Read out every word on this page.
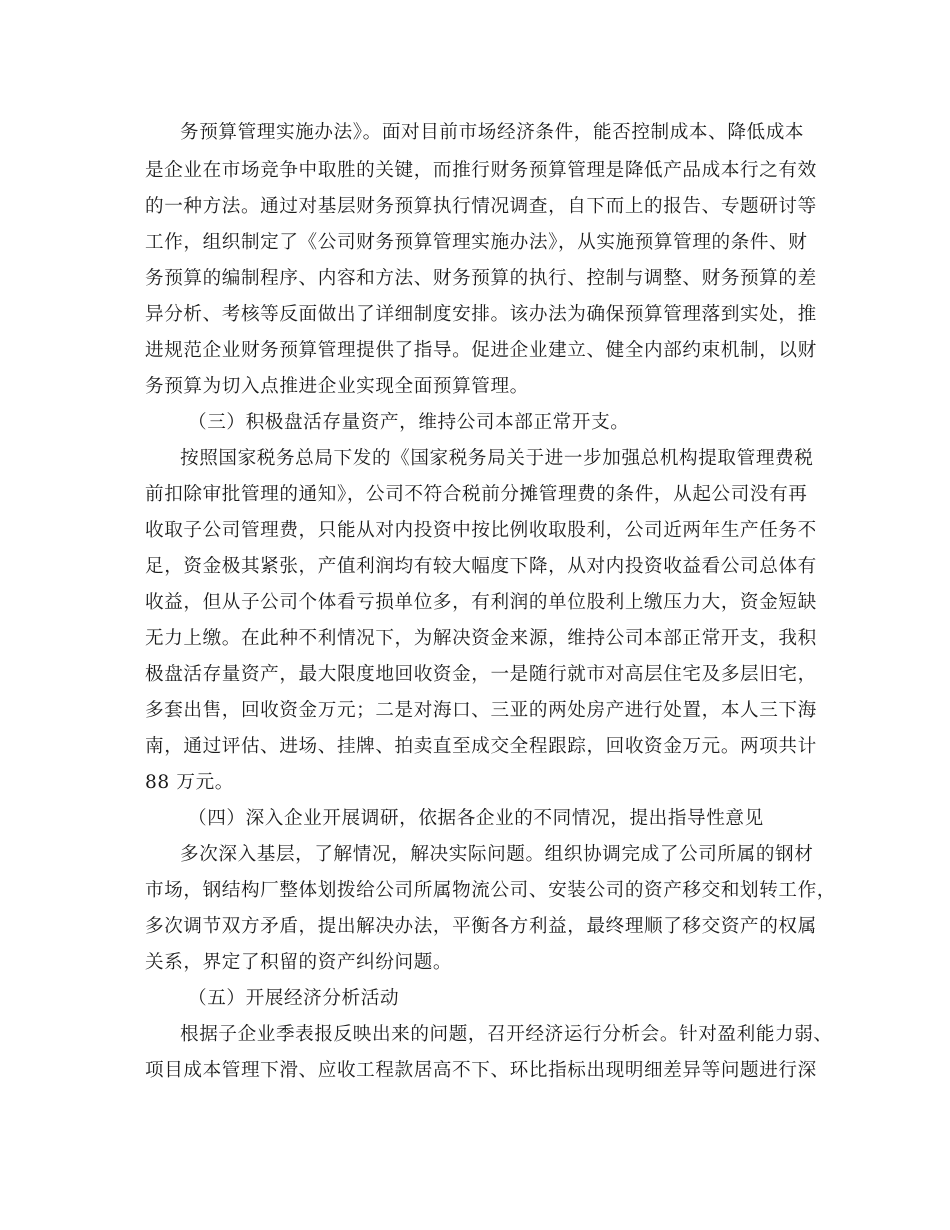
务预算管理实施办法》。面对目前市场经济条件，能否控制成本、降低成本
是企业在市场竞争中取胜的关键，而推行财务预算管理是降低产品成本行之有效
的一种方法。通过对基层财务预算执行情况调查，自下而上的报告、专题研讨等
工作，组织制定了《公司财务预算管理实施办法》，从实施预算管理的条件、财
务预算的编制程序、内容和方法、财务预算的执行、控制与调整、财务预算的差
异分析、考核等反面做出了详细制度安排。该办法为确保预算管理落到实处，推
进规范企业财务预算管理提供了指导。促进企业建立、健全内部约束机制，以财
务预算为切入点推进企业实现全面预算管理。
（三）积极盘活存量资产，维持公司本部正常开支。
按照国家税务总局下发的《国家税务局关于进一步加强总机构提取管理费税
前扣除审批管理的通知》，公司不符合税前分摊管理费的条件，从起公司没有再
收取子公司管理费，只能从对内投资中按比例收取股利，公司近两年生产任务不
足，资金极其紧张，产值利润均有较大幅度下降，从对内投资收益看公司总体有
收益，但从子公司个体看亏损单位多，有利润的单位股利上缴压力大，资金短缺
无力上缴。在此种不利情况下，为解决资金来源，维持公司本部正常开支，我积
极盘活存量资产，最大限度地回收资金，一是随行就市对高层住宅及多层旧宅，
多套出售，回收资金万元；二是对海口、三亚的两处房产进行处置，本人三下海
南，通过评估、进场、挂牌、拍卖直至成交全程跟踪，回收资金万元。两项共计
88 万元。
（四）深入企业开展调研，依据各企业的不同情况，提出指导性意见
多次深入基层，了解情况，解决实际问题。组织协调完成了公司所属的钢材
市场，钢结构厂整体划拨给公司所属物流公司、安装公司的资产移交和划转工作，
多次调节双方矛盾，提出解决办法，平衡各方利益，最终理顺了移交资产的权属
关系，界定了积留的资产纠纷问题。
（五）开展经济分析活动
根据子企业季表报反映出来的问题，召开经济运行分析会。针对盈利能力弱、
项目成本管理下滑、应收工程款居高不下、环比指标出现明细差异等问题进行深
